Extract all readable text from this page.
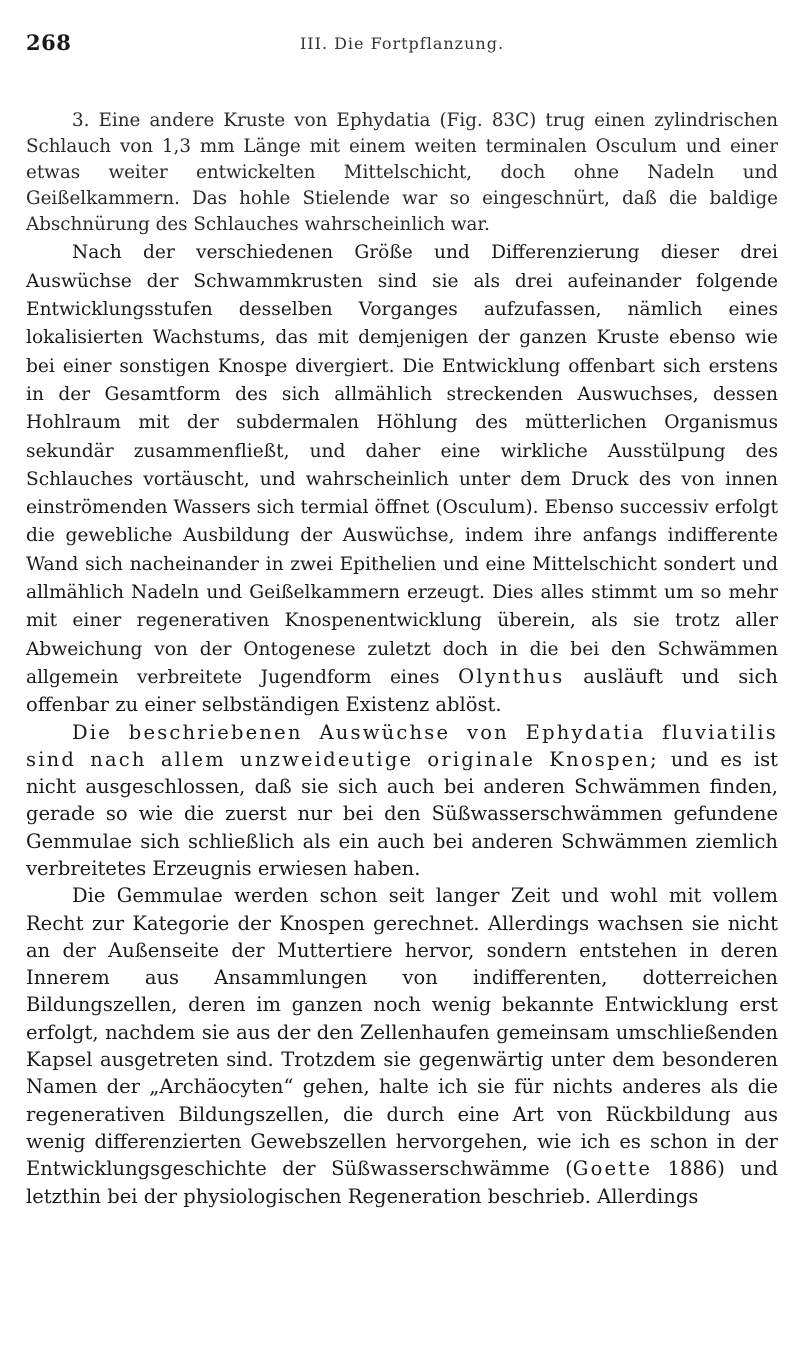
268	III. Die Fortpflanzung.

3. Eine andere Kruste von Ephydatia (Fig. 83C) trug einen zylindrischen Schlauch von 1,3 mm Länge mit einem weiten terminalen Osculum und einer etwas weiter entwickelten Mittelschicht, doch ohne Nadeln und Geißelkammern. Das hohle Stielende war so eingeschnürt, daß die baldige Abschnürung des Schlauches wahrscheinlich war.

Nach der verschiedenen Größe und Differenzierung dieser drei Auswüchse der Schwammkrusten sind sie als drei aufeinander folgende Entwicklungsstufen desselben Vorganges aufzufassen, nämlich eines lokalisierten Wachstums, das mit demjenigen der ganzen Kruste ebenso wie bei einer sonstigen Knospe divergiert. Die Entwicklung offenbart sich erstens in der Gesamtform des sich allmählich streckenden Auswuchses, dessen Hohlraum mit der subdermalen Höhlung des mütterlichen Organismus sekundär zusammenfließt, und daher eine wirkliche Ausstülpung des Schlauches vortäuscht, und wahrscheinlich unter dem Druck des von innen einströmenden Wassers sich termial öffnet (Osculum). Ebenso successiv erfolgt die gewebliche Ausbildung der Auswüchse, indem ihre anfangs indifferente Wand sich nacheinander in zwei Epithelien und eine Mittelschicht sondert und allmählich Nadeln und Geißelkammern erzeugt. Dies alles stimmt um so mehr mit einer regenerativen Knospenentwicklung überein, als sie trotz aller Abweichung von der Ontogenese zuletzt doch in die bei den Schwämmen allgemein verbreitete Jugendform eines Olynthus ausläuft und sich offenbar zu einer selbständigen Existenz ablöst.

Die beschriebenen Auswüchse von Ephydatia fluviatilis sind nach allem unzweideutige originale Knospen; und es ist nicht ausgeschlossen, daß sie sich auch bei anderen Schwämmen finden, gerade so wie die zuerst nur bei den Süßwasserschwämmen gefundene Gemmulae sich schließlich als ein auch bei anderen Schwämmen ziemlich verbreitetes Erzeugnis erwiesen haben.

Die Gemmulae werden schon seit langer Zeit und wohl mit vollem Recht zur Kategorie der Knospen gerechnet. Allerdings wachsen sie nicht an der Außenseite der Muttertiere hervor, sondern entstehen in deren Innerem aus Ansammlungen von indifferenten, dotterreichen Bildungszellen, deren im ganzen noch wenig bekannte Entwicklung erst erfolgt, nachdem sie aus der den Zellenhaufen gemeinsam umschließenden Kapsel ausgetreten sind. Trotzdem sie gegenwärtig unter dem besonderen Namen der „Archäocyten“ gehen, halte ich sie für nichts anderes als die regenerativen Bildungszellen, die durch eine Art von Rückbildung aus wenig differenzierten Gewebszellen hervorgehen, wie ich es schon in der Entwicklungsgeschichte der Süßwasserschwämme (Goette 1886) und letzthin bei der physiologischen Regeneration beschrieb. Allerdings
